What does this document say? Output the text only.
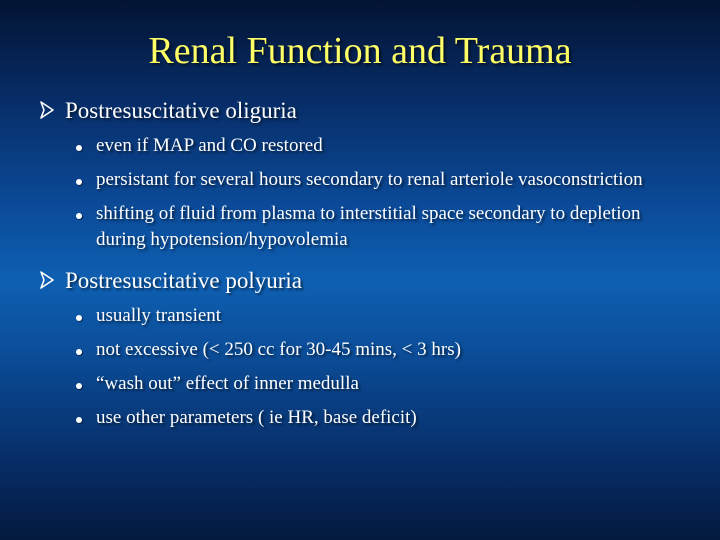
Renal Function and Trauma
Postresuscitative oliguria
even if MAP and CO restored
persistant for several hours secondary to renal arteriole vasoconstriction
shifting of fluid from plasma to interstitial space secondary to depletion during hypotension/hypovolemia
Postresuscitative polyuria
usually transient
not excessive (< 250 cc for 30-45 mins, < 3 hrs)
“wash out” effect of inner medulla
use other parameters ( ie HR, base deficit)
